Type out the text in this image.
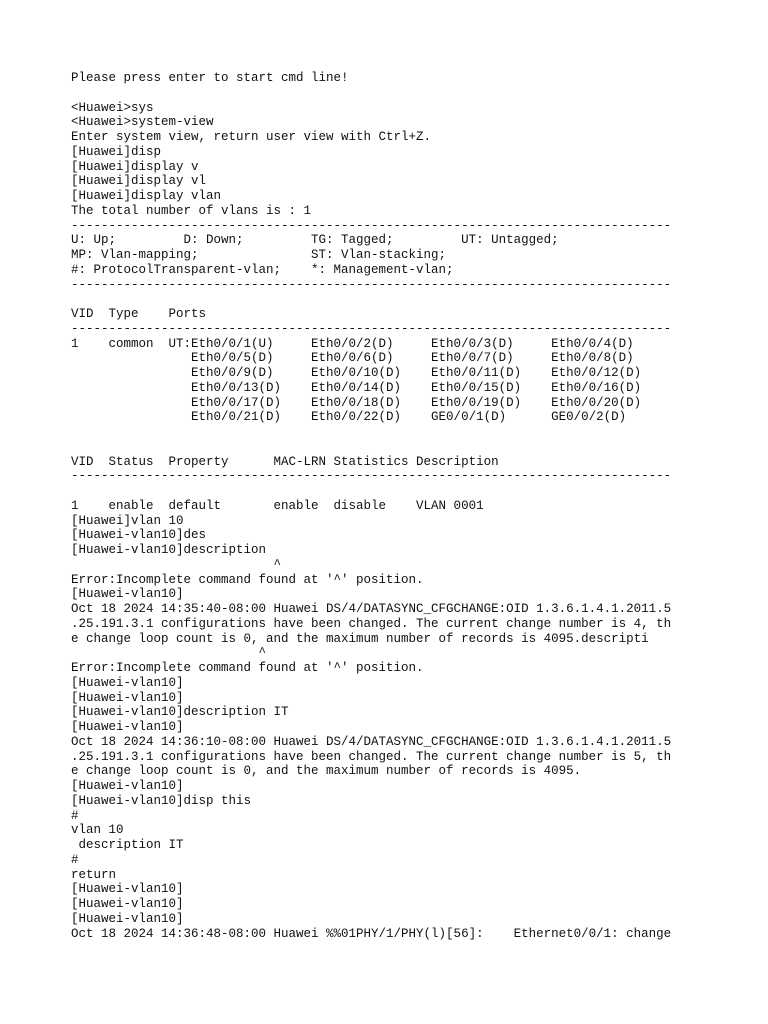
Please press enter to start cmd line!
<Huawei>sys
<Huawei>system-view
Enter system view, return user view with Ctrl+Z.
[Huawei]disp
[Huawei]display v
[Huawei]display vl
[Huawei]display vlan
The total number of vlans is : 1
--------------------------------------------------------------------------------
U: Up;         D: Down;         TG: Tagged;         UT: Untagged;
MP: Vlan-mapping;               ST: Vlan-stacking;
#: ProtocolTransparent-vlan;    *: Management-vlan;
--------------------------------------------------------------------------------
VID  Type    Ports
--------------------------------------------------------------------------------
1    common  UT:Eth0/0/1(U)     Eth0/0/2(D)     Eth0/0/3(D)     Eth0/0/4(D)
Eth0/0/5(D)     Eth0/0/6(D)     Eth0/0/7(D)     Eth0/0/8(D)
Eth0/0/9(D)     Eth0/0/10(D)    Eth0/0/11(D)    Eth0/0/12(D)
Eth0/0/13(D)    Eth0/0/14(D)    Eth0/0/15(D)    Eth0/0/16(D)
Eth0/0/17(D)    Eth0/0/18(D)    Eth0/0/19(D)    Eth0/0/20(D)
Eth0/0/21(D)    Eth0/0/22(D)    GE0/0/1(D)      GE0/0/2(D)
VID  Status  Property      MAC-LRN Statistics Description
--------------------------------------------------------------------------------
1    enable  default       enable  disable    VLAN 0001
[Huawei]vlan 10
[Huawei-vlan10]des
[Huawei-vlan10]description
^
Error:Incomplete command found at '^' position.
[Huawei-vlan10]
Oct 18 2024 14:35:40-08:00 Huawei DS/4/DATASYNC_CFGCHANGE:OID 1.3.6.1.4.1.2011.5
.25.191.3.1 configurations have been changed. The current change number is 4, th
e change loop count is 0, and the maximum number of records is 4095.descripti
^
Error:Incomplete command found at '^' position.
[Huawei-vlan10]
[Huawei-vlan10]
[Huawei-vlan10]description IT
[Huawei-vlan10]
Oct 18 2024 14:36:10-08:00 Huawei DS/4/DATASYNC_CFGCHANGE:OID 1.3.6.1.4.1.2011.5
.25.191.3.1 configurations have been changed. The current change number is 5, th
e change loop count is 0, and the maximum number of records is 4095.
[Huawei-vlan10]
[Huawei-vlan10]disp this
#
vlan 10
description IT
#
return
[Huawei-vlan10]
[Huawei-vlan10]
[Huawei-vlan10]
Oct 18 2024 14:36:48-08:00 Huawei %%01PHY/1/PHY(l)[56]:    Ethernet0/0/1: change
